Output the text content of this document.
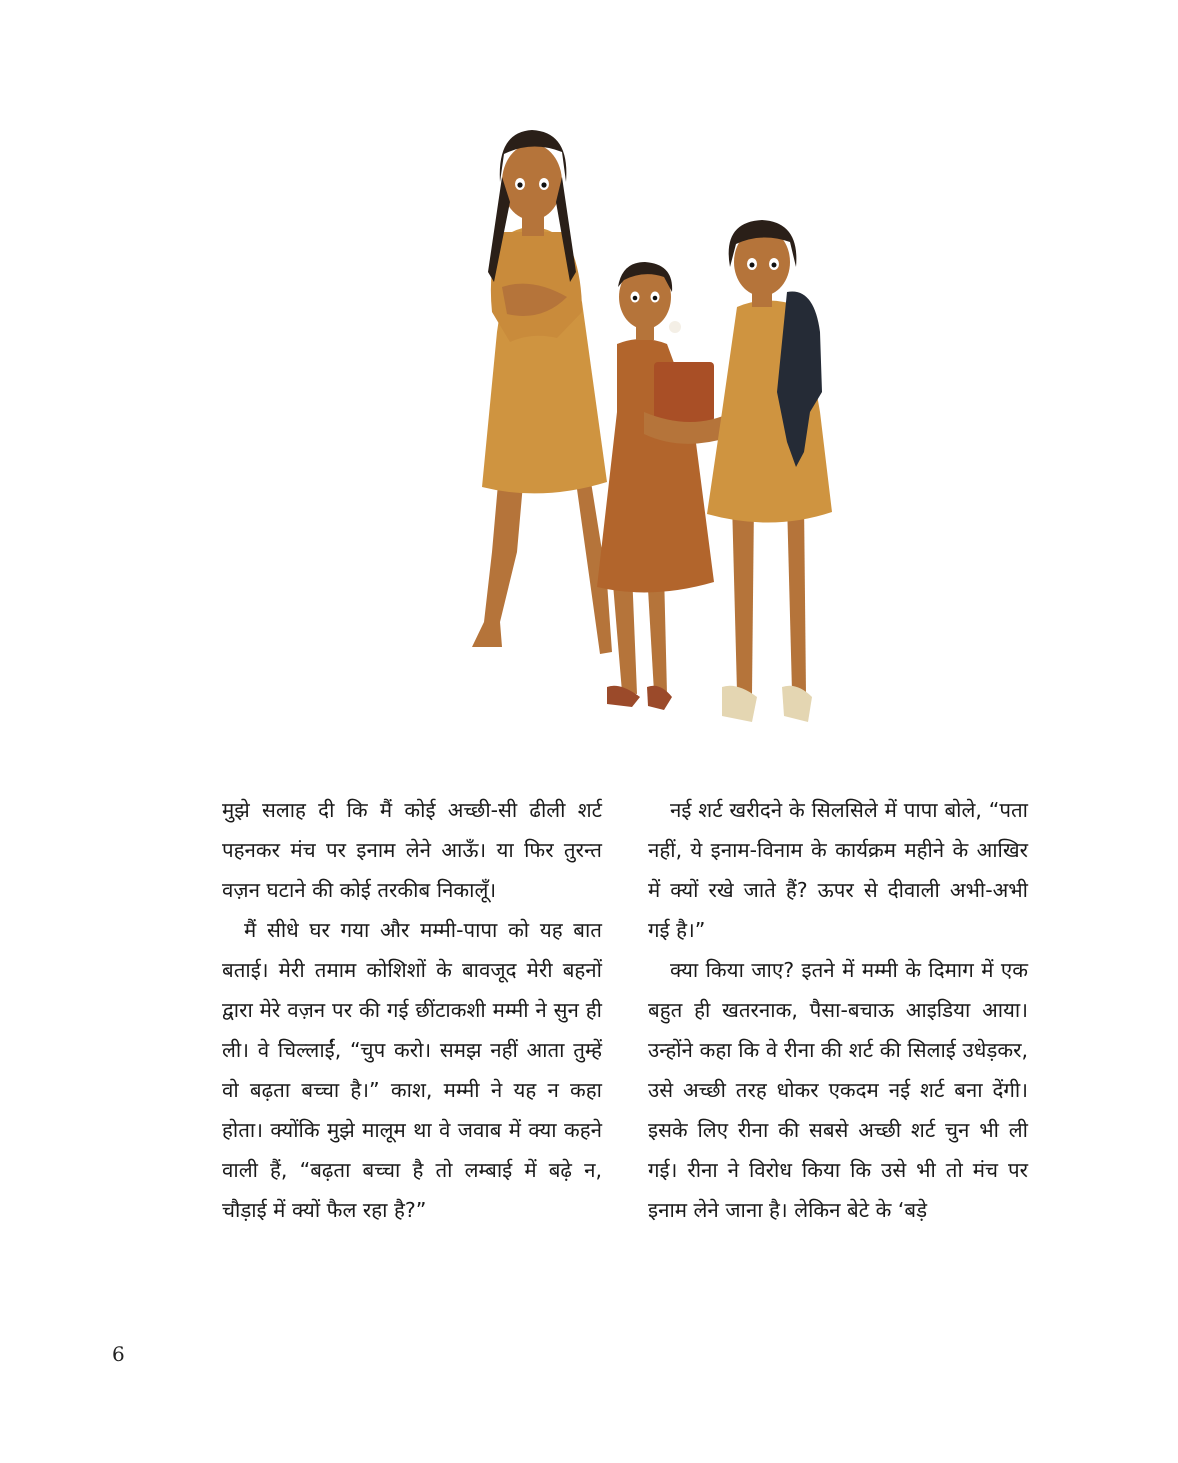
मुझे सलाह दी कि मैं कोई अच्छी-सी ढीली शर्ट पहनकर मंच पर इनाम लेने आऊँ। या फिर तुरन्त वज़न घटाने की कोई तरकीब निकालूँ।

मैं सीधे घर गया और मम्मी-पापा को यह बात बताई। मेरी तमाम कोशिशों के बावजूद मेरी बहनों द्वारा मेरे वज़न पर की गई छींटाकशी मम्मी ने सुन ही ली। वे चिल्लाईं, “चुप करो। समझ नहीं आता तुम्हें वो बढ़ता बच्चा है।” काश, मम्मी ने यह न कहा होता। क्योंकि मुझे मालूम था वे जवाब में क्या कहने वाली हैं, “बढ़ता बच्चा है तो लम्बाई में बढ़े न, चौड़ाई में क्यों फैल रहा है?”

नई शर्ट खरीदने के सिलसिले में पापा बोले, “पता नहीं, ये इनाम-विनाम के कार्यक्रम महीने के आखिर में क्यों रखे जाते हैं? ऊपर से दीवाली अभी-अभी गई है।”

क्या किया जाए? इतने में मम्मी के दिमाग में एक बहुत ही खतरनाक, पैसा-बचाऊ आइडिया आया। उन्होंने कहा कि वे रीना की शर्ट की सिलाई उधेड़कर, उसे अच्छी तरह धोकर एकदम नई शर्ट बना देंगी। इसके लिए रीना की सबसे अच्छी शर्ट चुन भी ली गई। रीना ने विरोध किया कि उसे भी तो मंच पर इनाम लेने जाना है। लेकिन बेटे के ‘बड़े

6
